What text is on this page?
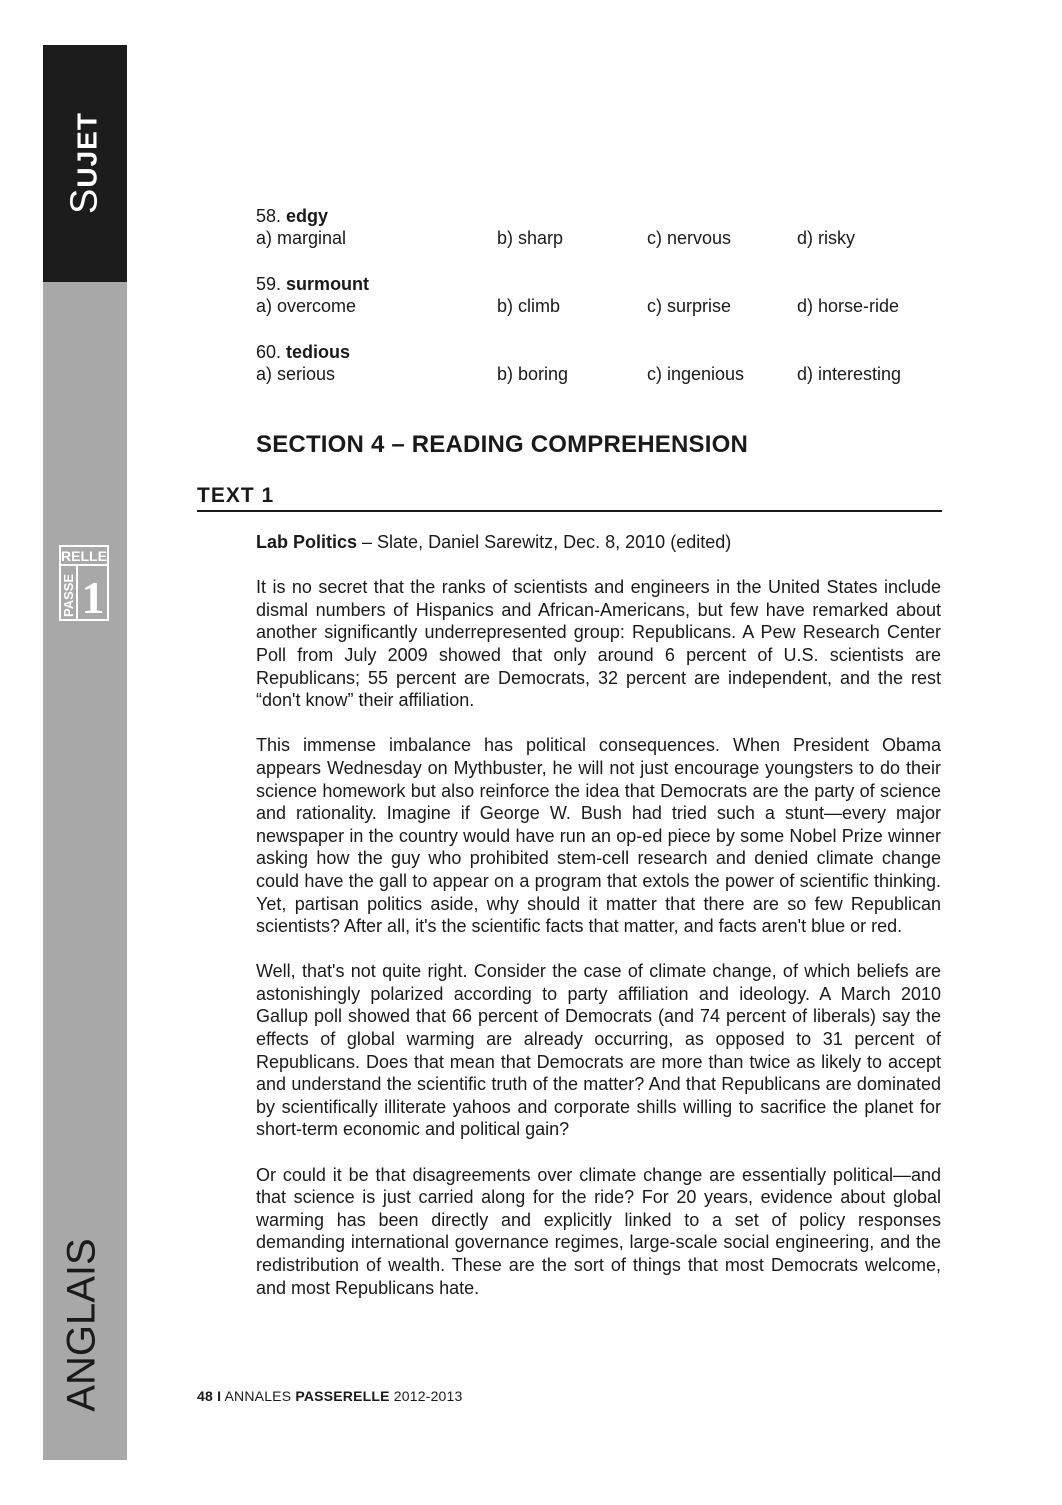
SUJET
RELLE
PASSE 1
ANGLAIS
58. edgy
a) marginal	b) sharp	c) nervous	d) risky
59. surmount
a) overcome	b) climb	c) surprise	d) horse-ride
60. tedious
a) serious	b) boring	c) ingenious	d) interesting
SECTION 4 – READING COMPREHENSION
TEXT 1

Lab Politics – Slate, Daniel Sarewitz, Dec. 8, 2010 (edited)

It is no secret that the ranks of scientists and engineers in the United States include dismal numbers of Hispanics and African-Americans, but few have remarked about another significantly underrepresented group: Republicans. A Pew Research Center Poll from July 2009 showed that only around 6 percent of U.S. scientists are Republicans; 55 percent are Democrats, 32 percent are independent, and the rest “don't know” their affiliation.

This immense imbalance has political consequences. When President Obama appears Wednesday on Mythbuster, he will not just encourage youngsters to do their science homework but also reinforce the idea that Democrats are the party of science and rationality. Imagine if George W. Bush had tried such a stunt—every major newspaper in the country would have run an op-ed piece by some Nobel Prize winner asking how the guy who prohibited stem-cell research and denied climate change could have the gall to appear on a program that extols the power of scientific thinking. Yet, partisan politics aside, why should it matter that there are so few Republican scientists? After all, it's the scientific facts that matter, and facts aren't blue or red.

Well, that's not quite right. Consider the case of climate change, of which beliefs are astonishingly polarized according to party affiliation and ideology. A March 2010 Gallup poll showed that 66 percent of Democrats (and 74 percent of liberals) say the effects of global warming are already occurring, as opposed to 31 percent of Republicans. Does that mean that Democrats are more than twice as likely to accept and understand the scientific truth of the matter? And that Republicans are dominated by scientifically illiterate yahoos and corporate shills willing to sacrifice the planet for short-term economic and political gain?

Or could it be that disagreements over climate change are essentially political—and that science is just carried along for the ride? For 20 years, evidence about global warming has been directly and explicitly linked to a set of policy responses demanding international governance regimes, large-scale social engineering, and the redistribution of wealth. These are the sort of things that most Democrats welcome, and most Republicans hate.

48 I ANNALES PASSERELLE 2012-2013
